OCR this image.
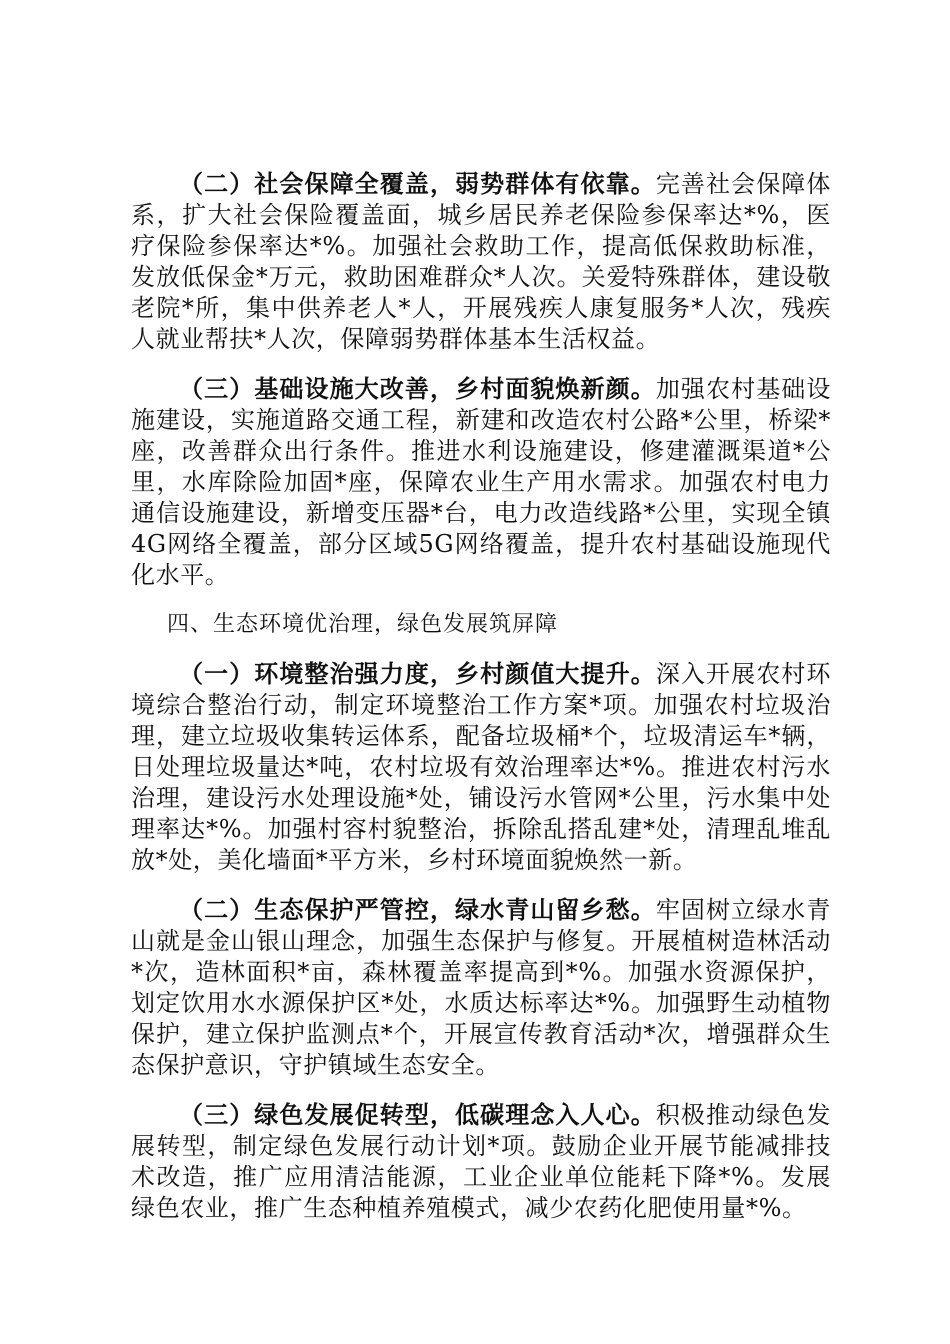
（二）社会保障全覆盖，弱势群体有依靠。完善社会保障体系，扩大社会保险覆盖面，城乡居民养老保险参保率达*%，医疗保险参保率达*%。加强社会救助工作，提高低保救助标准，发放低保金*万元，救助困难群众*人次。关爱特殊群体，建设敬老院*所，集中供养老人*人，开展残疾人康复服务*人次，残疾人就业帮扶*人次，保障弱势群体基本生活权益。

（三）基础设施大改善，乡村面貌焕新颜。加强农村基础设施建设，实施道路交通工程，新建和改造农村公路*公里，桥梁*座，改善群众出行条件。推进水利设施建设，修建灌溉渠道*公里，水库除险加固*座，保障农业生产用水需求。加强农村电力通信设施建设，新增变压器*台，电力改造线路*公里，实现全镇4G网络全覆盖，部分区域5G网络覆盖，提升农村基础设施现代化水平。

四、生态环境优治理，绿色发展筑屏障

（一）环境整治强力度，乡村颜值大提升。深入开展农村环境综合整治行动，制定环境整治工作方案*项。加强农村垃圾治理，建立垃圾收集转运体系，配备垃圾桶*个，垃圾清运车*辆，日处理垃圾量达*吨，农村垃圾有效治理率达*%。推进农村污水治理，建设污水处理设施*处，铺设污水管网*公里，污水集中处理率达*%。加强村容村貌整治，拆除乱搭乱建*处，清理乱堆乱放*处，美化墙面*平方米，乡村环境面貌焕然一新。

（二）生态保护严管控，绿水青山留乡愁。牢固树立绿水青山就是金山银山理念，加强生态保护与修复。开展植树造林活动*次，造林面积*亩，森林覆盖率提高到*%。加强水资源保护，划定饮用水水源保护区*处，水质达标率达*%。加强野生动植物保护，建立保护监测点*个，开展宣传教育活动*次，增强群众生态保护意识，守护镇域生态安全。

（三）绿色发展促转型，低碳理念入人心。积极推动绿色发展转型，制定绿色发展行动计划*项。鼓励企业开展节能减排技术改造，推广应用清洁能源，工业企业单位能耗下降*%。发展绿色农业，推广生态种植养殖模式，减少农药化肥使用量*%。
